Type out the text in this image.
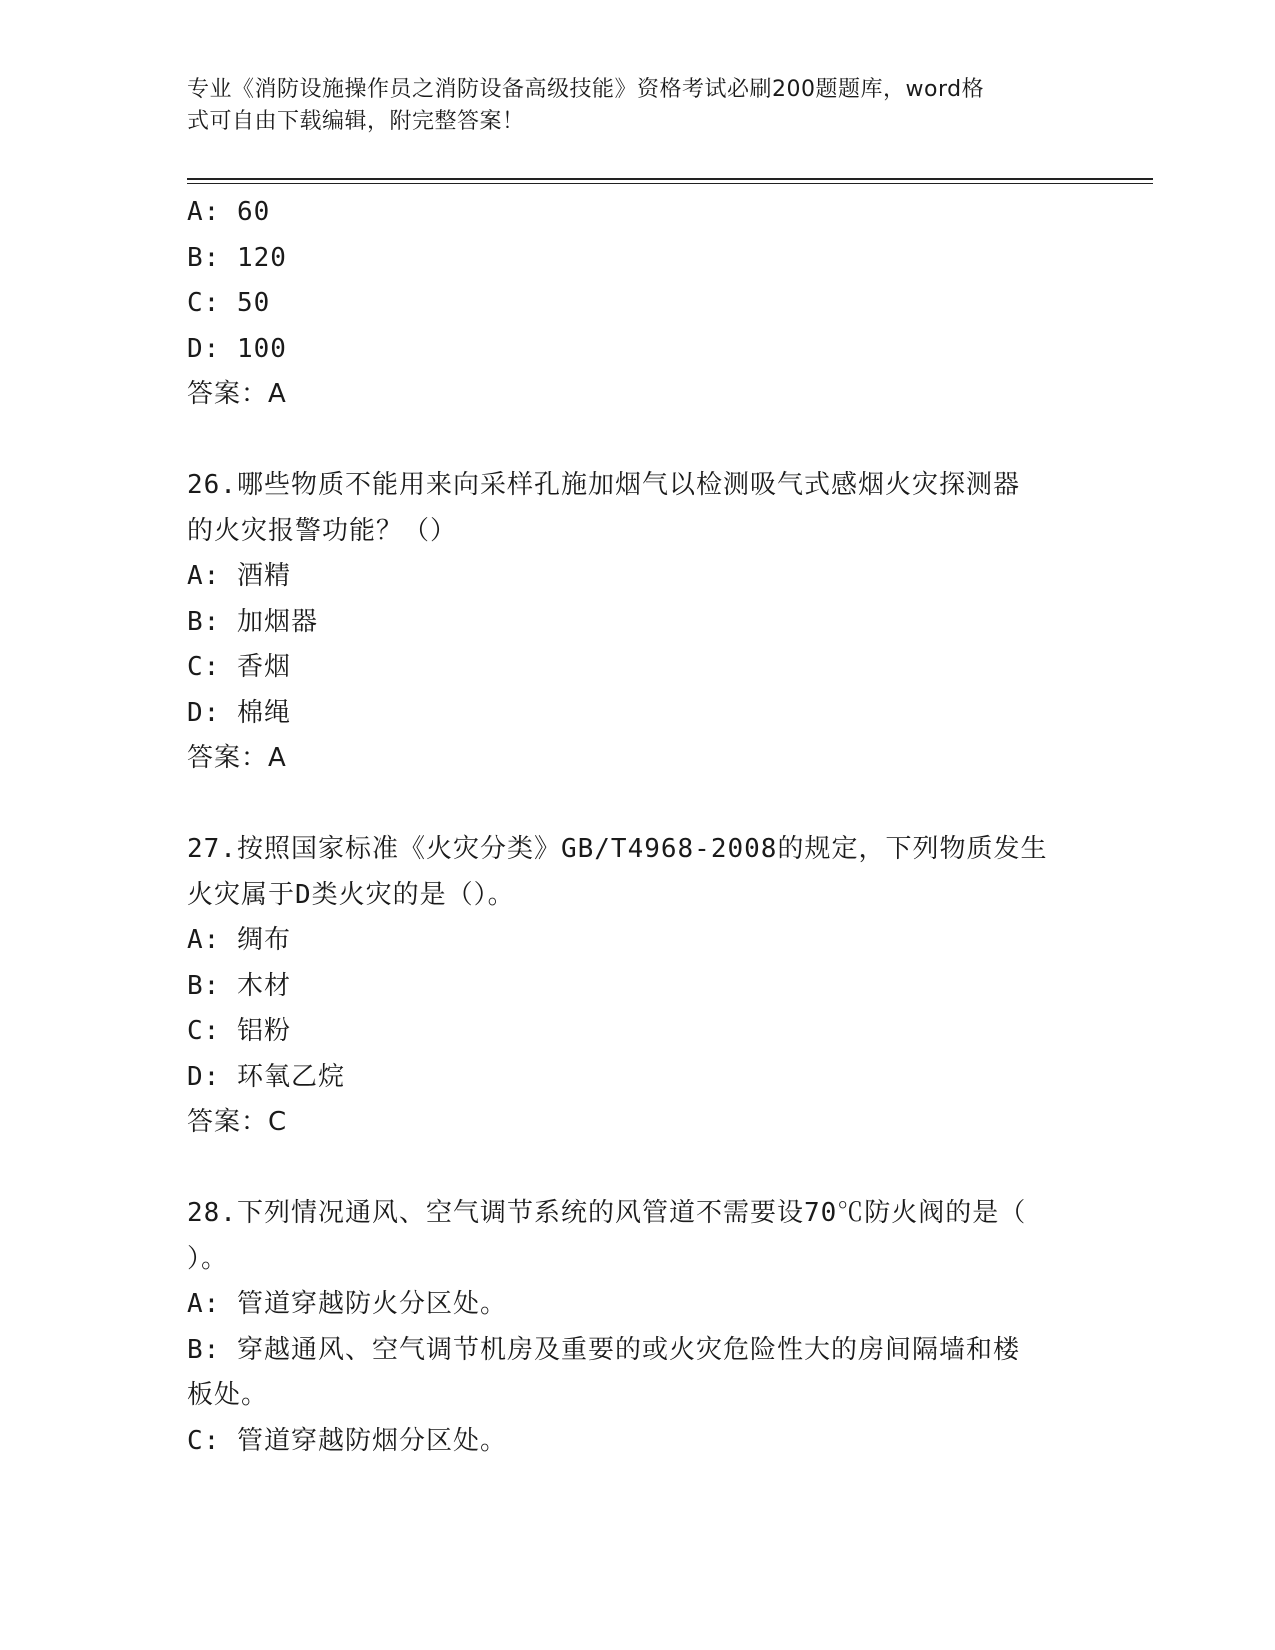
专业《消防设施操作员之消防设备高级技能》资格考试必刷200题题库，word格
式可自由下载编辑，附完整答案！
A: 60
B: 120
C: 50
D: 100
答案：A
26.哪些物质不能用来向采样孔施加烟气以检测吸气式感烟火灾探测器
的火灾报警功能？（）
A: 酒精
B: 加烟器
C: 香烟
D: 棉绳
答案：A
27.按照国家标准《火灾分类》GB/T4968-2008的规定，下列物质发生
火灾属于D类火灾的是（）。
A: 绸布
B: 木材
C: 铝粉
D: 环氧乙烷
答案：C
28.下列情况通风、空气调节系统的风管道不需要设70℃防火阀的是（
）。
A: 管道穿越防火分区处。
B: 穿越通风、空气调节机房及重要的或火灾危险性大的房间隔墙和楼
板处。
C: 管道穿越防烟分区处。
